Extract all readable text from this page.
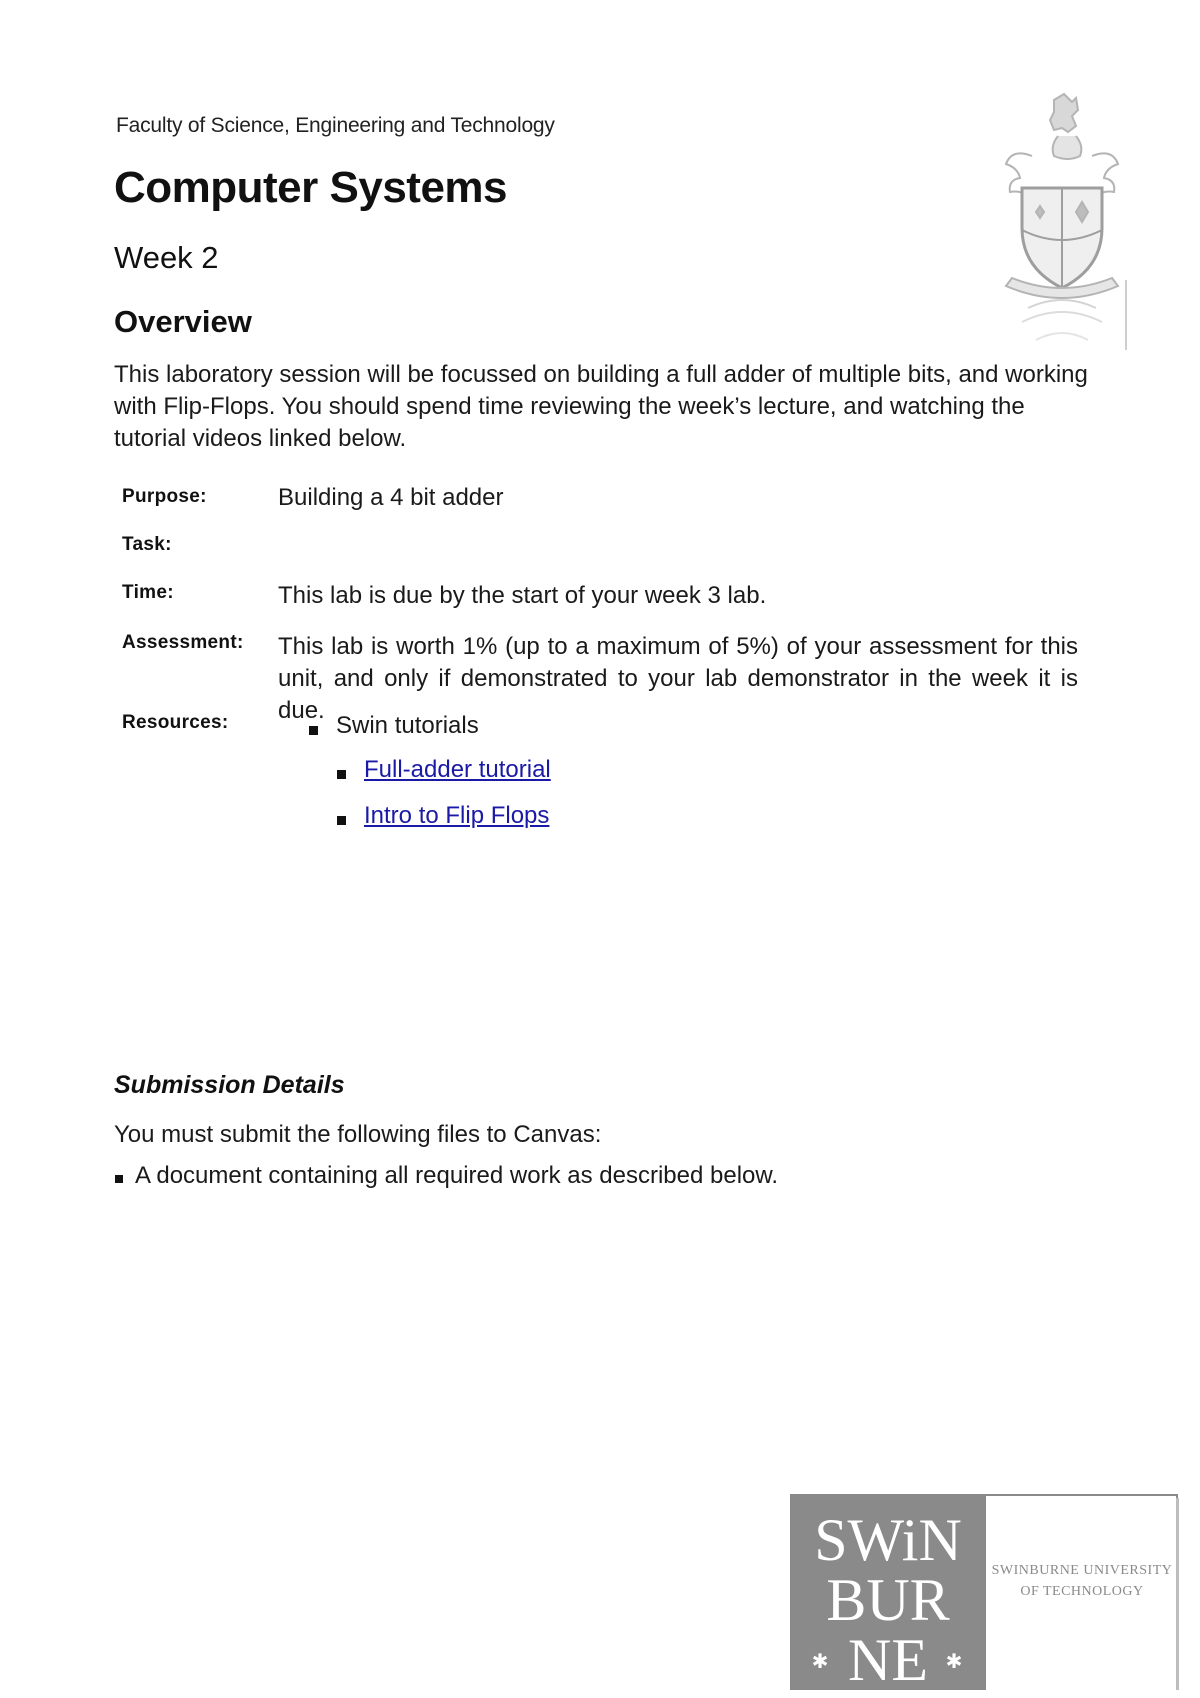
Faculty of Science, Engineering and Technology
Computer Systems
Week 2
Overview

This laboratory session will be focussed on building a full adder of multiple bits, and working with Flip-Flops. You should spend time reviewing the week’s lecture, and watching the tutorial videos linked below.

Purpose:	Building a 4 bit adder
Task:
Time:	This lab is due by the start of your week 3 lab.
Assessment: This lab is worth 1% (up to a maximum of 5%) of your assessment for this unit, and only if demonstrated to your lab demonstrator in the week it is due.

Resources:	Swin tutorials
Full-adder tutorial
Intro to Flip Flops
Submission Details
You must submit the following files to Canvas:
A document containing all required work as described below.
SWiN
BUR
NE
✱	✱
SWINBURNE UNIVERSITY
OF TECHNOLOGY
